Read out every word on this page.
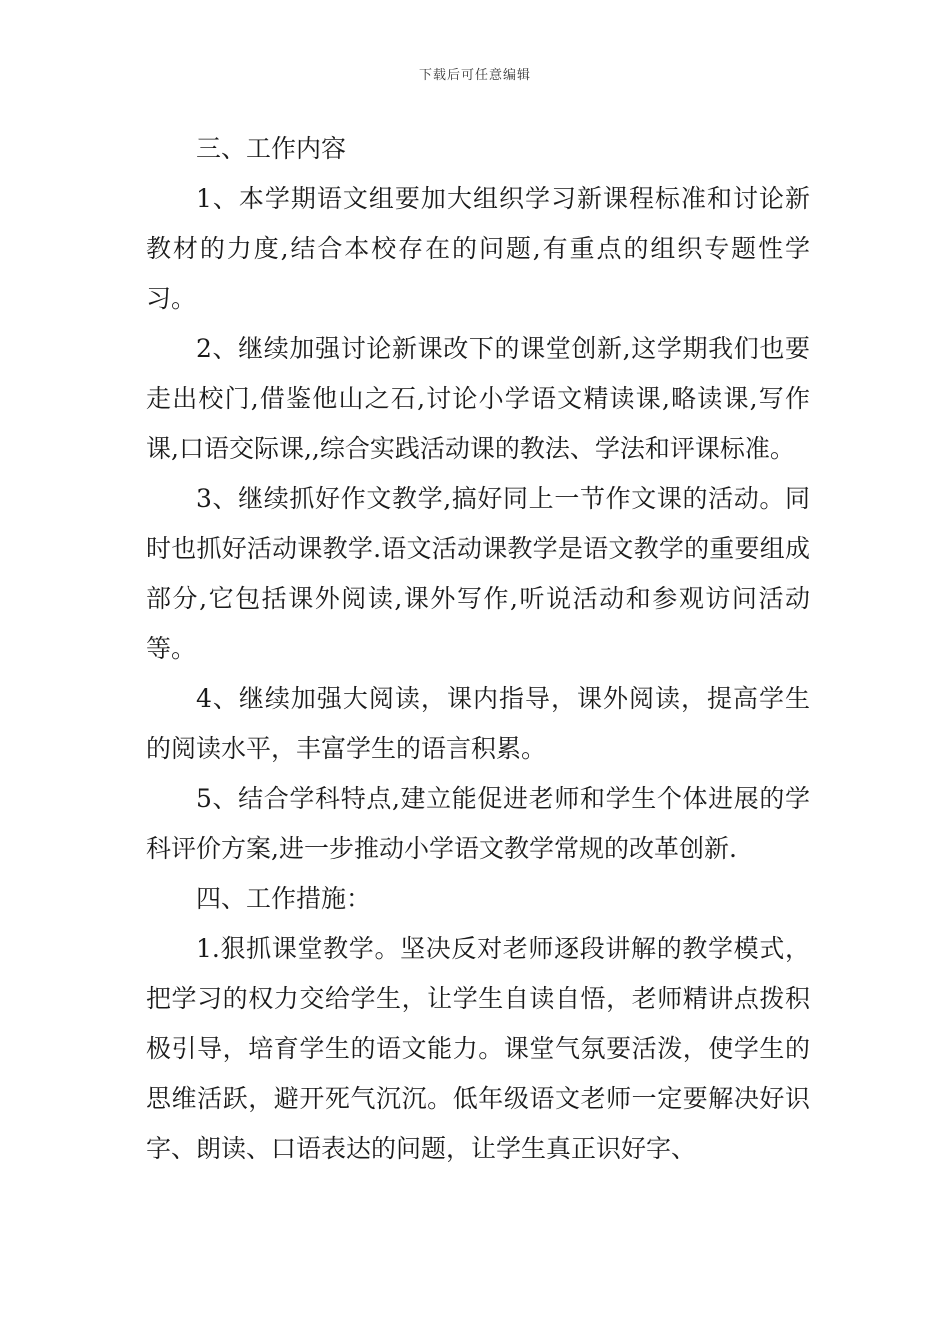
下载后可任意编辑

三、工作内容

1、本学期语文组要加大组织学习新课程标准和讨论新教材的力度,结合本校存在的问题,有重点的组织专题性学习。

2、继续加强讨论新课改下的课堂创新,这学期我们也要走出校门,借鉴他山之石,讨论小学语文精读课,略读课,写作课,口语交际课,,综合实践活动课的教法、学法和评课标准。

3、继续抓好作文教学,搞好同上一节作文课的活动。同时也抓好活动课教学.语文活动课教学是语文教学的重要组成部分,它包括课外阅读,课外写作,听说活动和参观访问活动等。

4、继续加强大阅读，课内指导，课外阅读，提高学生的阅读水平，丰富学生的语言积累。

5、结合学科特点,建立能促进老师和学生个体进展的学科评价方案,进一步推动小学语文教学常规的改革创新.

四、工作措施：

1.狠抓课堂教学。坚决反对老师逐段讲解的教学模式，把学习的权力交给学生，让学生自读自悟，老师精讲点拨积极引导，培育学生的语文能力。课堂气氛要活泼，使学生的思维活跃，避开死气沉沉。低年级语文老师一定要解决好识字、朗读、口语表达的问题，让学生真正识好字、
